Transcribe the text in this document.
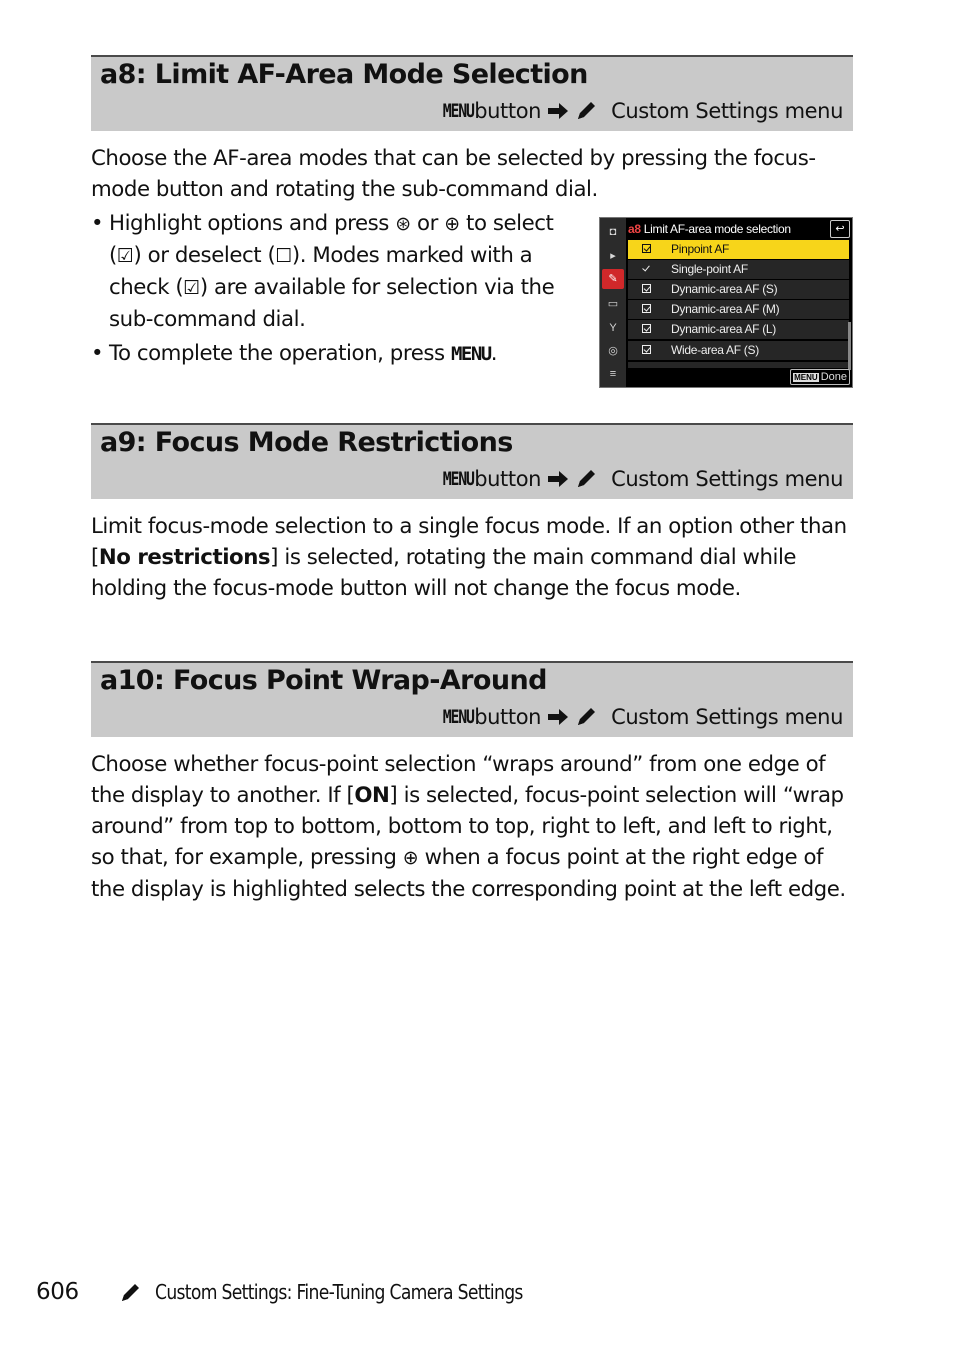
a8: Limit AF-Area Mode Selection
MENU button	Custom Settings menu
Choose the AF-area modes that can be selected by pressing the focus-mode button and rotating the sub-command dial.
• Highlight options and press ⊛ or ⊕ to select (☑) or deselect (☐). Modes marked with a check (☑) are available for selection via the sub-command dial.
• To complete the operation, press MENU.
◘
▸
✎
▭
Y
◎
≡
a8 Limit AF-area mode selection	↩
Pinpoint AF
Single-point AF
Dynamic-area AF (S)
Dynamic-area AF (M)
Dynamic-area AF (L)
Wide-area AF (S)
MENU Done
a9: Focus Mode Restrictions
MENU button	Custom Settings menu
Limit focus-mode selection to a single focus mode. If an option other than [No restrictions] is selected, rotating the main command dial while holding the focus-mode button will not change the focus mode.
a10: Focus Point Wrap-Around
MENU button	Custom Settings menu
Choose whether focus-point selection “wraps around” from one edge of the display to another. If [ON] is selected, focus-point selection will “wrap around” from top to bottom, bottom to top, right to left, and left to right, so that, for example, pressing ⊕ when a focus point at the right edge of the display is highlighted selects the corresponding point at the left edge.
606	Custom Settings: Fine-Tuning Camera Settings
